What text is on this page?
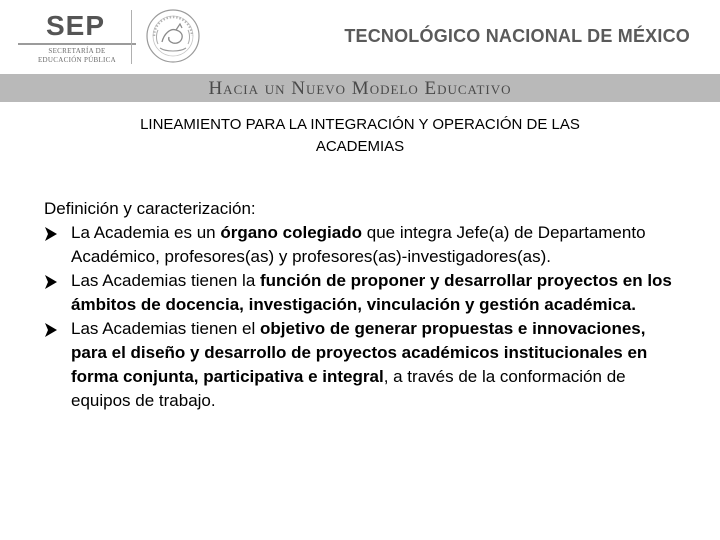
SEP
SECRETARÍA DE
EDUCACIÓN PÚBLICA
TECNOLÓGICO NACIONAL DE MÉXICO
Hacia un Nuevo Modelo Educativo
LINEAMIENTO PARA LA INTEGRACIÓN Y OPERACIÓN DE LAS
ACADEMIAS

Definición y caracterización:

La Academia es un órgano colegiado que integra Jefe(a) de Departamento Académico, profesores(as) y profesores(as)-investigadores(as).
Las Academias tienen la función de proponer y desarrollar proyectos en los ámbitos de docencia, investigación, vinculación y gestión académica.
Las Academias tienen el objetivo de generar propuestas e innovaciones, para el diseño y desarrollo de proyectos académicos institucionales en forma conjunta, participativa e integral, a través de la conformación de equipos de trabajo.
